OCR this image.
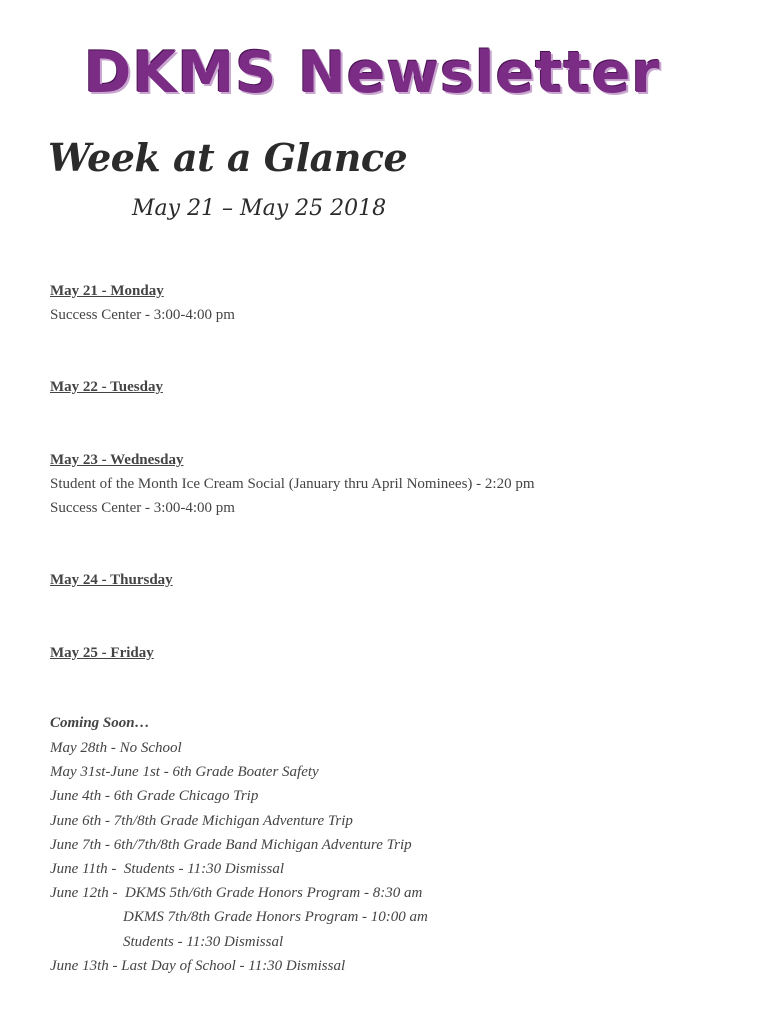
DKMS Newsletter
Week at a Glance
May 21 – May 25 2018
May 21 - Monday
Success Center - 3:00-4:00 pm
May 22 - Tuesday
May 23 - Wednesday
Student of the Month Ice Cream Social (January thru April Nominees) - 2:20 pm
Success Center - 3:00-4:00 pm
May 24 - Thursday
May 25 - Friday
Coming Soon…
May 28th - No School
May 31st-June 1st - 6th Grade Boater Safety
June 4th - 6th Grade Chicago Trip
June 6th - 7th/8th Grade Michigan Adventure Trip
June 7th - 6th/7th/8th Grade Band Michigan Adventure Trip
June 11th -  Students - 11:30 Dismissal
June 12th -  DKMS 5th/6th Grade Honors Program - 8:30 am
DKMS 7th/8th Grade Honors Program - 10:00 am
Students - 11:30 Dismissal
June 13th - Last Day of School - 11:30 Dismissal
